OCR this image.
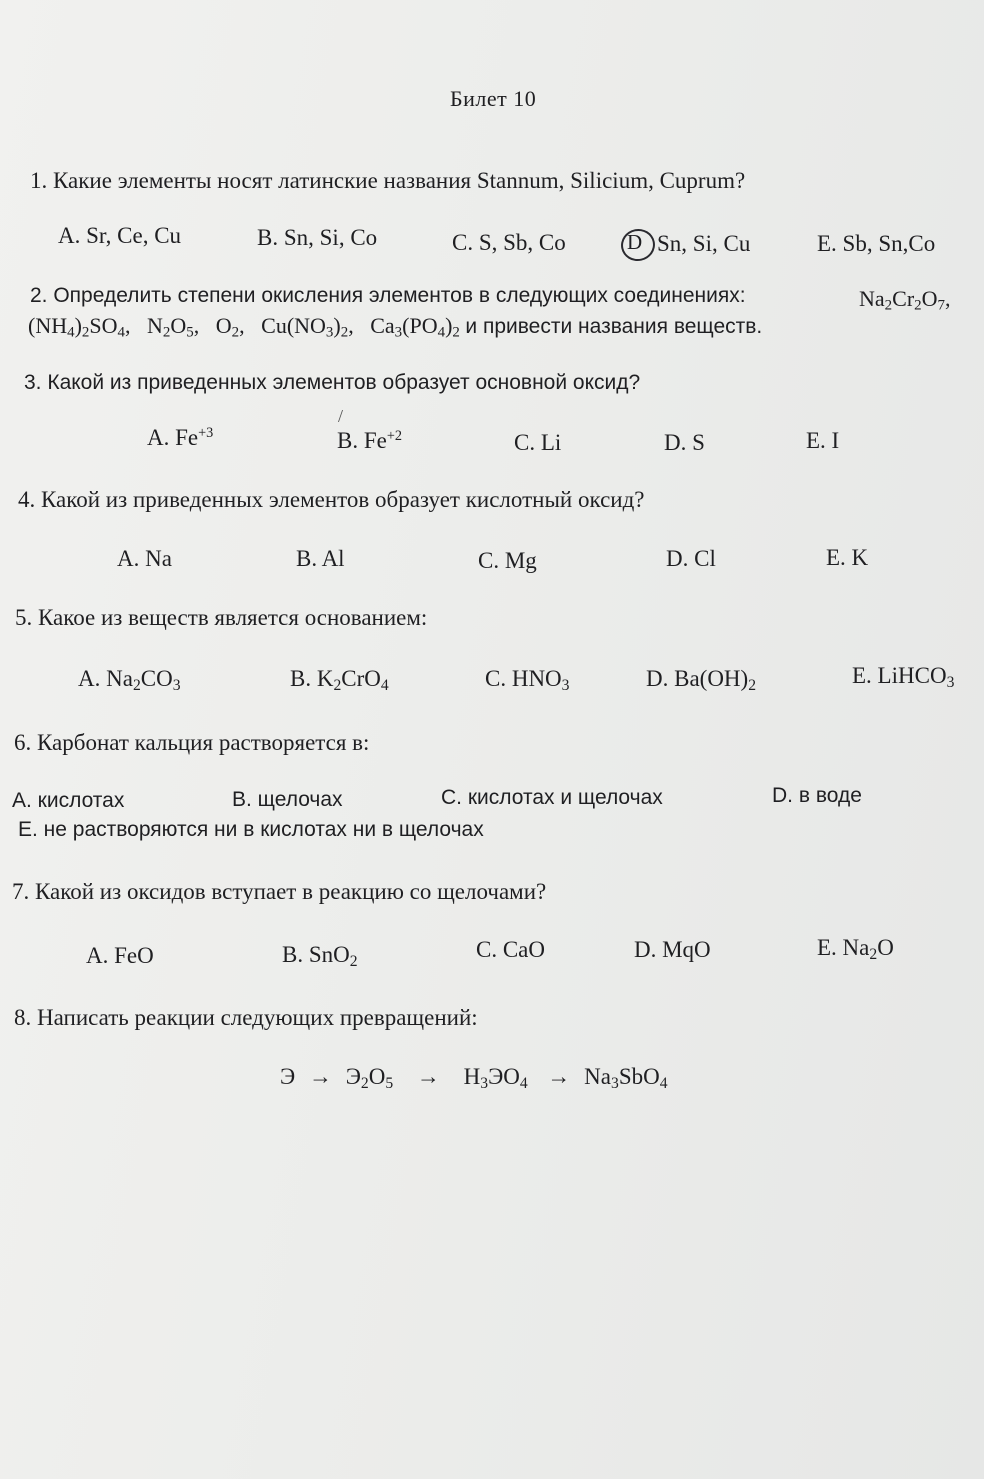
Билет 10
1. Какие элементы носят латинские названия Stannum, Silicium, Cuprum?
A. Sr, Ce, Cu	B. Sn, Si, Co	C. S, Sb, Co	D Sn, Si, Cu	E. Sb, Sn,Co
2. Определить степени окисления элементов в следующих соединениях:	$Na_2Cr_2O_7$,
$(NH_4)_2SO_4$, $N_2O_5$, $O_2$, $Cu(NO_3)_2$, $Ca_3(PO_4)_2$ и привести названия веществ.
3. Какой из приведенных элементов образует основной оксид?
/
A. $Fe^{+3}$	B. $Fe^{+2}$	C. Li	D. S	E. I
4. Какой из приведенных элементов образует кислотный оксид?
A. Na	B. Al	C. Mg	D. Cl	E. K
5. Какое из веществ является основанием:
A. $Na_2CO_3$	B. $K_2CrO_4$	C. $HNO_3$	D. $Ba(OH)_2$	E. LiHCO$_3$
6. Карбонат кальция растворяется в:
A. кислотах	B. щелочах	C. кислотах и щелочах	D. в воде
E. не растворяются ни в кислотах ни в щелочах
7. Какой из оксидов вступает в реакцию со щелочами?
A. FeO	B. SnO$_2$	C. CaO	D. MqO	E. $Na_2O$
8. Написать реакции следующих превращений:
$Э \to Э_2O_5 \to H_3ЭO_4 \to Na_3SbO_4$
